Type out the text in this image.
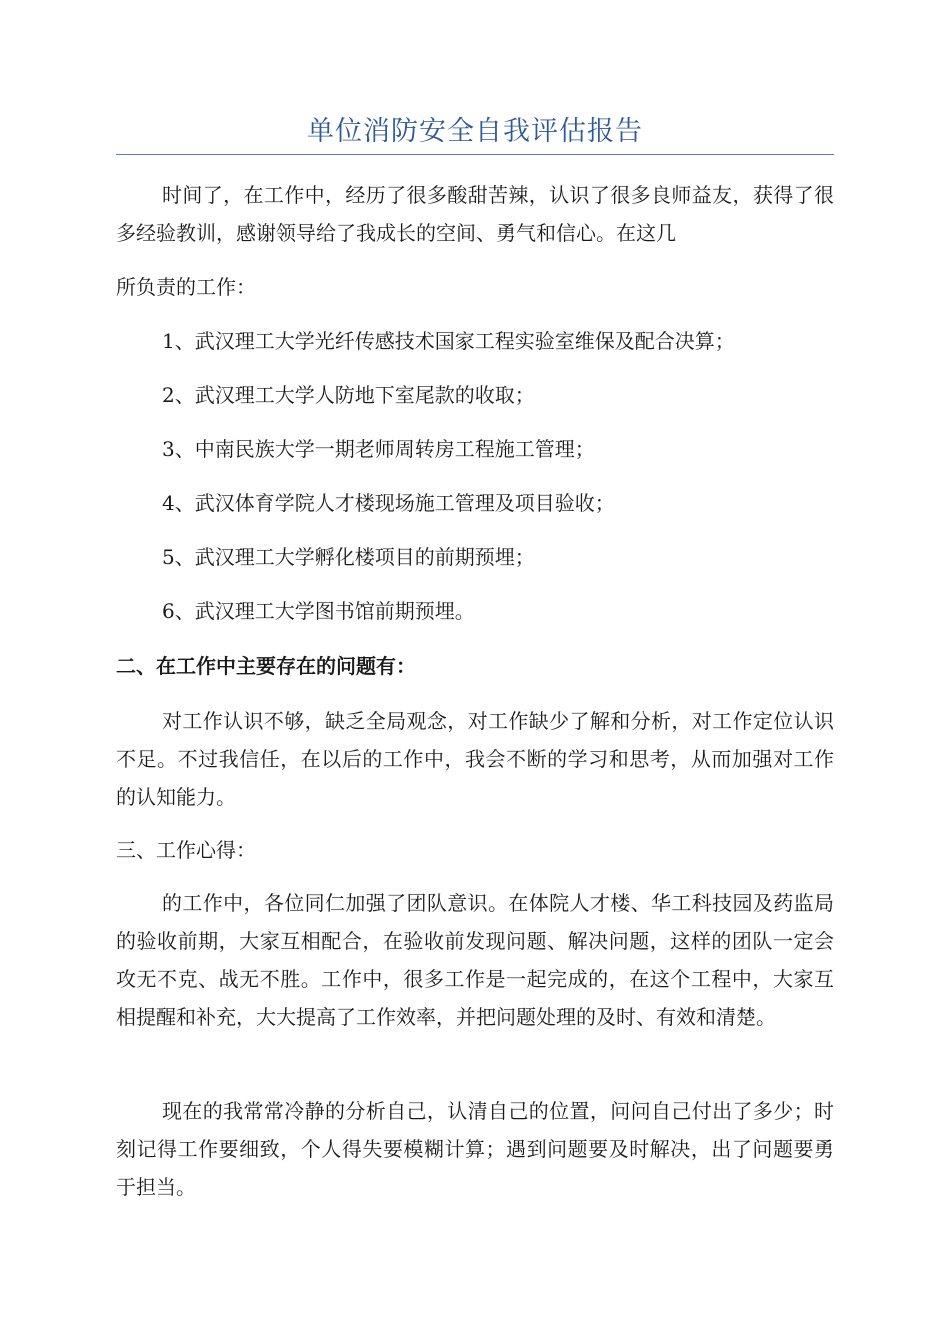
单位消防安全自我评估报告

时间了，在工作中，经历了很多酸甜苦辣，认识了很多良师益友，获得了很多经验教训，感谢领导给了我成长的空间、勇气和信心。在这几

所负责的工作：

1、武汉理工大学光纤传感技术国家工程实验室维保及配合决算；

2、武汉理工大学人防地下室尾款的收取；

3、中南民族大学一期老师周转房工程施工管理；

4、武汉体育学院人才楼现场施工管理及项目验收；

5、武汉理工大学孵化楼项目的前期预埋；

6、武汉理工大学图书馆前期预埋。

二、在工作中主要存在的问题有：

对工作认识不够，缺乏全局观念，对工作缺少了解和分析，对工作定位认识不足。不过我信任，在以后的工作中，我会不断的学习和思考，从而加强对工作的认知能力。

三、工作心得：

的工作中，各位同仁加强了团队意识。在体院人才楼、华工科技园及药监局的验收前期，大家互相配合，在验收前发现问题、解决问题，这样的团队一定会攻无不克、战无不胜。工作中，很多工作是一起完成的，在这个工程中，大家互相提醒和补充，大大提高了工作效率，并把问题处理的及时、有效和清楚。

现在的我常常冷静的分析自己，认清自己的位置，问问自己付出了多少；时刻记得工作要细致，个人得失要模糊计算；遇到问题要及时解决，出了问题要勇于担当。
